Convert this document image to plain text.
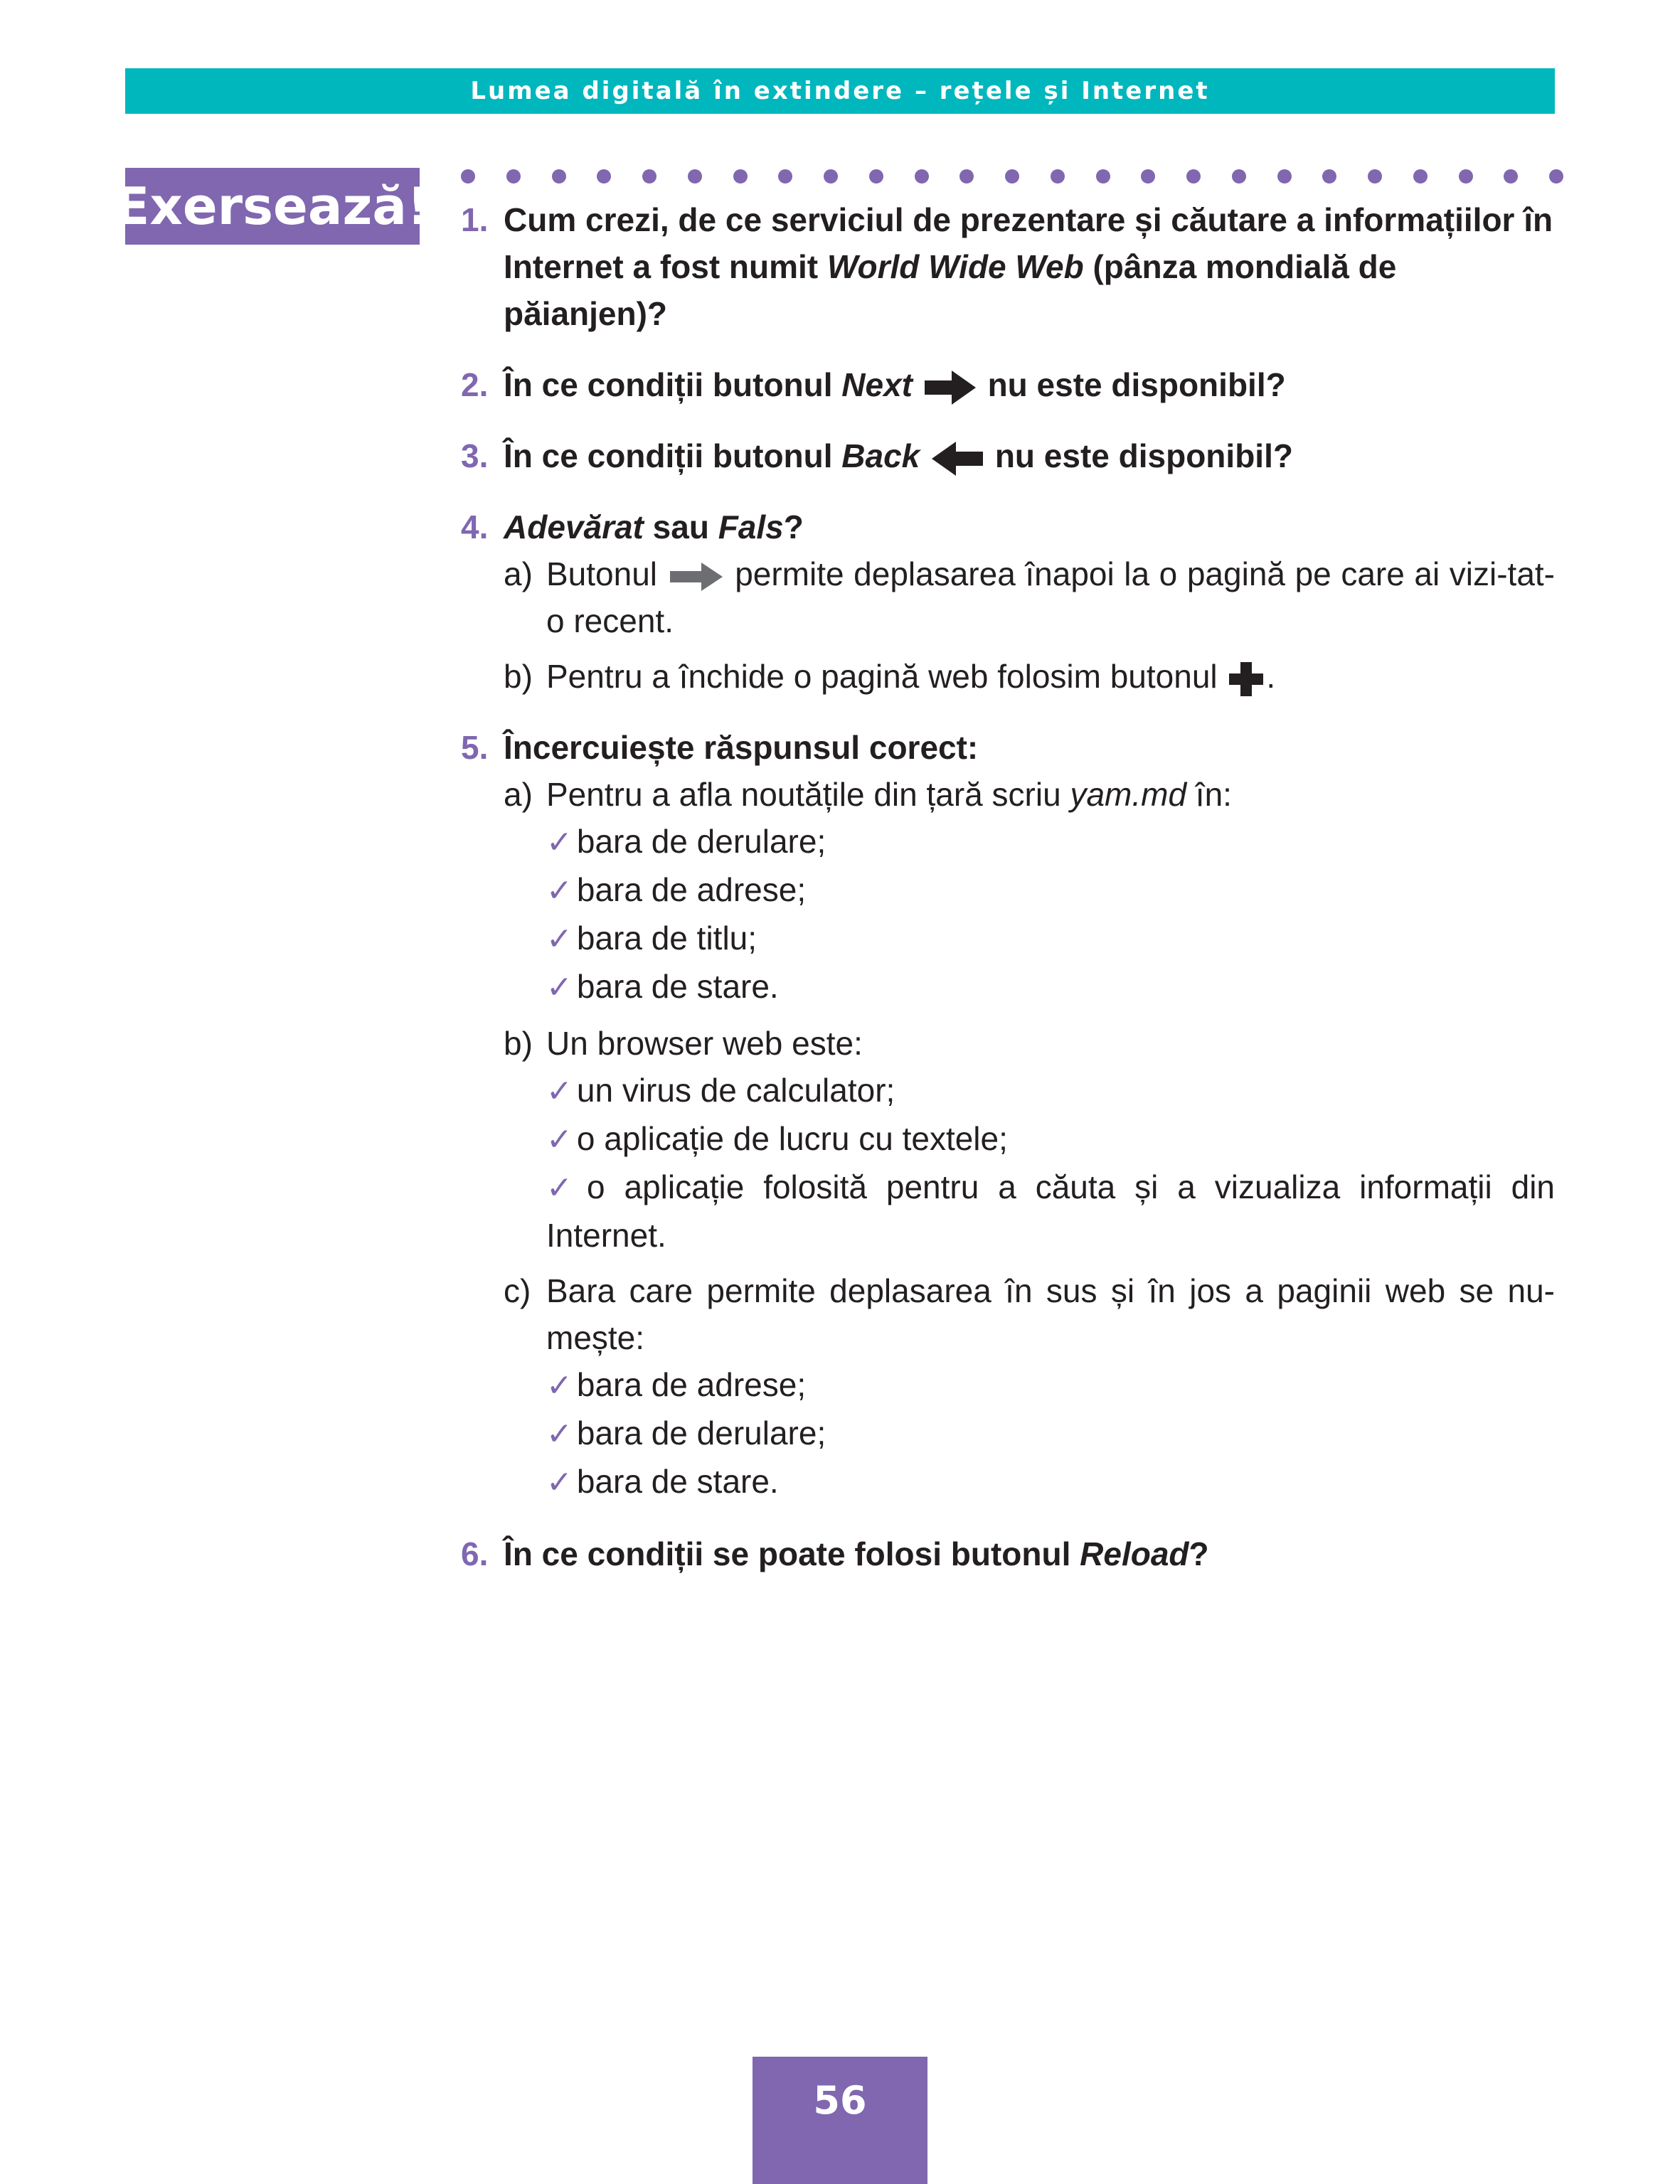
Lumea digitală în extindere – rețele și Internet
Exersează! 1. Cum crezi, de ce serviciul de prezentare și căutare a informațiilor în Internet a fost numit World Wide Web (pânza mondială de păianjen)?
2. În ce condiții butonul Next  nu este disponibil?
3. În ce condiții butonul Back  nu este disponibil?
4. Adevărat sau Fals?
a) Butonul  permite deplasarea înapoi la o pagină pe care ai vizi-tat-o recent.
b) Pentru a închide o pagină web folosim butonul .
5. Încercuiește răspunsul corect:
a) Pentru a afla noutățile din țară scriu yam.md în:
✓ bara de derulare;
✓ bara de adrese;
✓ bara de titlu;
✓ bara de stare.
b) Un browser web este:
✓ un virus de calculator;
✓ o aplicație de lucru cu textele;
✓ o aplicație folosită pentru a căuta și a vizualiza informații din Internet.
c) Bara care permite deplasarea în sus și în jos a paginii web se nu-mește:
✓ bara de adrese;
✓ bara de derulare;
✓ bara de stare.
6. În ce condiții se poate folosi butonul Reload?
56
